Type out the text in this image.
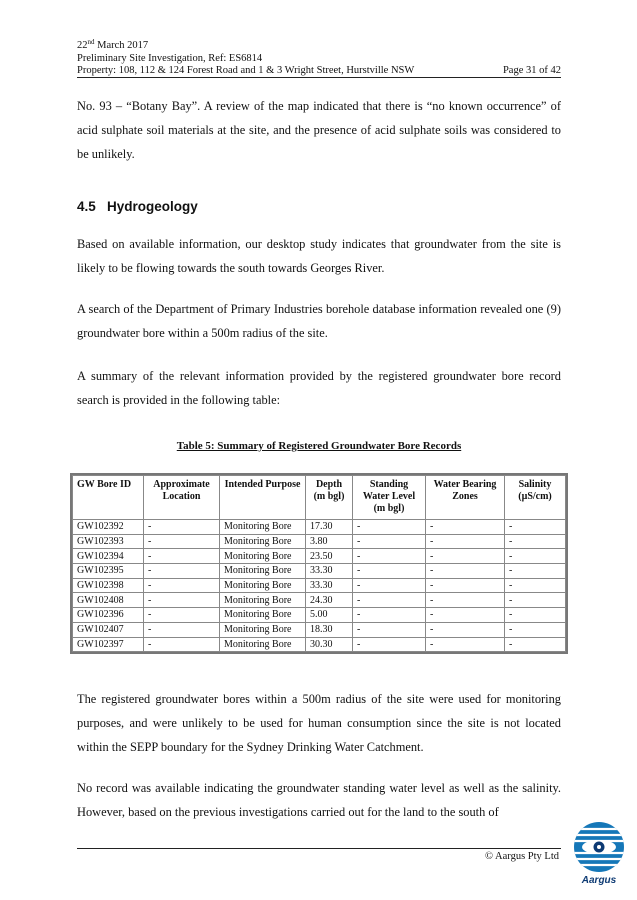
22nd March 2017
Preliminary Site Investigation, Ref: ES6814
Property: 108, 112 & 124 Forest Road and 1 & 3 Wright Street, Hurstville NSW	Page 31 of 42
No. 93 – “Botany Bay”. A review of the map indicated that there is “no known occurrence” of acid sulphate soil materials at the site, and the presence of acid sulphate soils was considered to be unlikely.
4.5 Hydrogeology
Based on available information, our desktop study indicates that groundwater from the site is likely to be flowing towards the south towards Georges River.
A search of the Department of Primary Industries borehole database information revealed one (9) groundwater bore within a 500m radius of the site.
A summary of the relevant information provided by the registered groundwater bore record search is provided in the following table:
Table 5: Summary of Registered Groundwater Bore Records
GW Bore ID	Approximate Location	Intended Purpose	Depth (m bgl)	Standing Water Level (m bgl)	Water Bearing Zones	Salinity (µS/cm)
GW102392	-	Monitoring Bore	17.30	-	-	-
GW102393	-	Monitoring Bore	3.80	-	-	-
GW102394	-	Monitoring Bore	23.50	-	-	-
GW102395	-	Monitoring Bore	33.30	-	-	-
GW102398	-	Monitoring Bore	33.30	-	-	-
GW102408	-	Monitoring Bore	24.30	-	-	-
GW102396	-	Monitoring Bore	5.00	-	-	-
GW102407	-	Monitoring Bore	18.30	-	-	-
GW102397	-	Monitoring Bore	30.30	-	-	-
The registered groundwater bores within a 500m radius of the site were used for monitoring purposes, and were unlikely to be used for human consumption since the site is not located within the SEPP boundary for the Sydney Drinking Water Catchment.
No record was available indicating the groundwater standing water level as well as the salinity. However, based on the previous investigations carried out for the land to the south of
© Aargus Pty Ltd
Aargus
